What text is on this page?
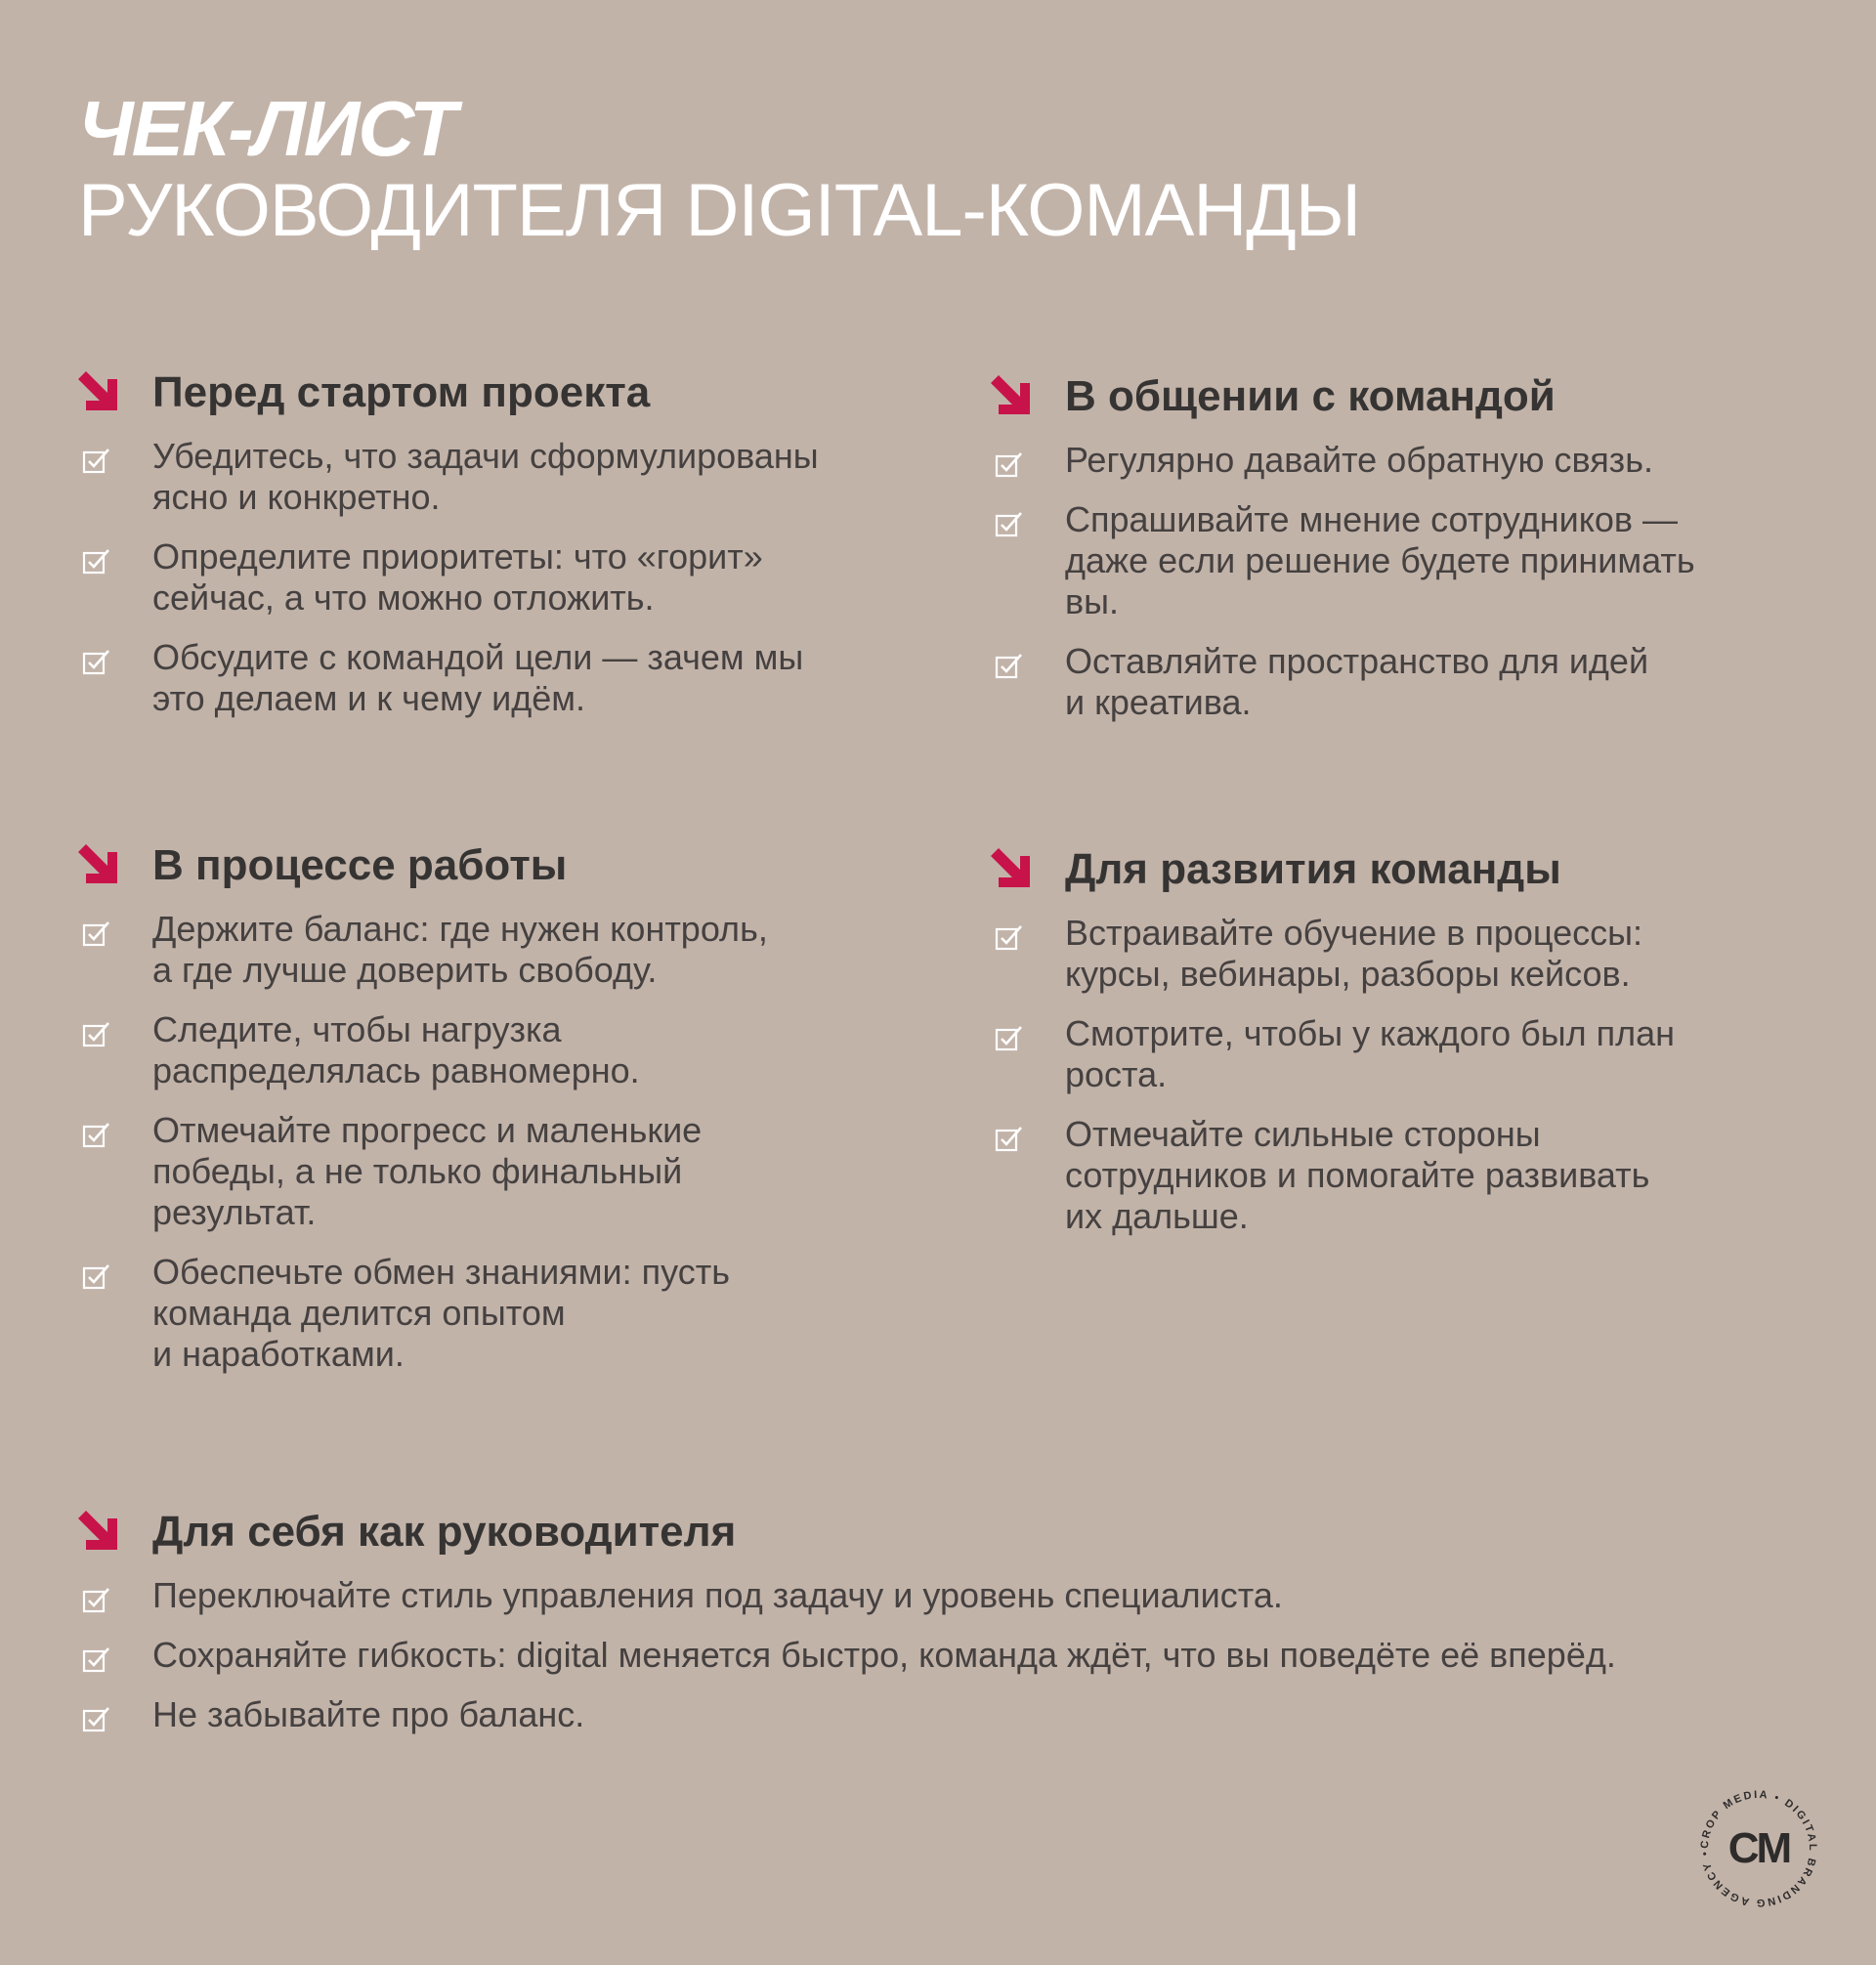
ЧЕК-ЛИСТ
РУКОВОДИТЕЛЯ DIGITAL-КОМАНДЫ
Перед стартом проекта
Убедитесь, что задачи сформулированы
ясно и конкретно.
Определите приоритеты: что «горит»
сейчас, а что можно отложить.
Обсудите с командой цели — зачем мы
это делаем и к чему идём.
В общении с командой
Регулярно давайте обратную связь.
Спрашивайте мнение сотрудников —
даже если решение будете принимать
вы.
Оставляйте пространство для идей
и креатива.
В процессе работы
Держите баланс: где нужен контроль,
а где лучше доверить свободу.
Следите, чтобы нагрузка
распределялась равномерно.
Отмечайте прогресс и маленькие
победы, а не только финальный
результат.
Обеспечьте обмен знаниями: пусть
команда делится опытом
и наработками.
Для развития команды
Встраивайте обучение в процессы:
курсы, вебинары, разборы кейсов.
Смотрите, чтобы у каждого был план
роста.
Отмечайте сильные стороны
сотрудников и помогайте развивать
их дальше.
Для себя как руководителя
Переключайте стиль управления под задачу и уровень специалиста.
Сохраняйте гибкость: digital меняется быстро, команда ждёт, что вы поведёте её вперёд.
Не забывайте про баланс.
CROP MEDIA • DIGITAL BRANDING AGENCY • CM
